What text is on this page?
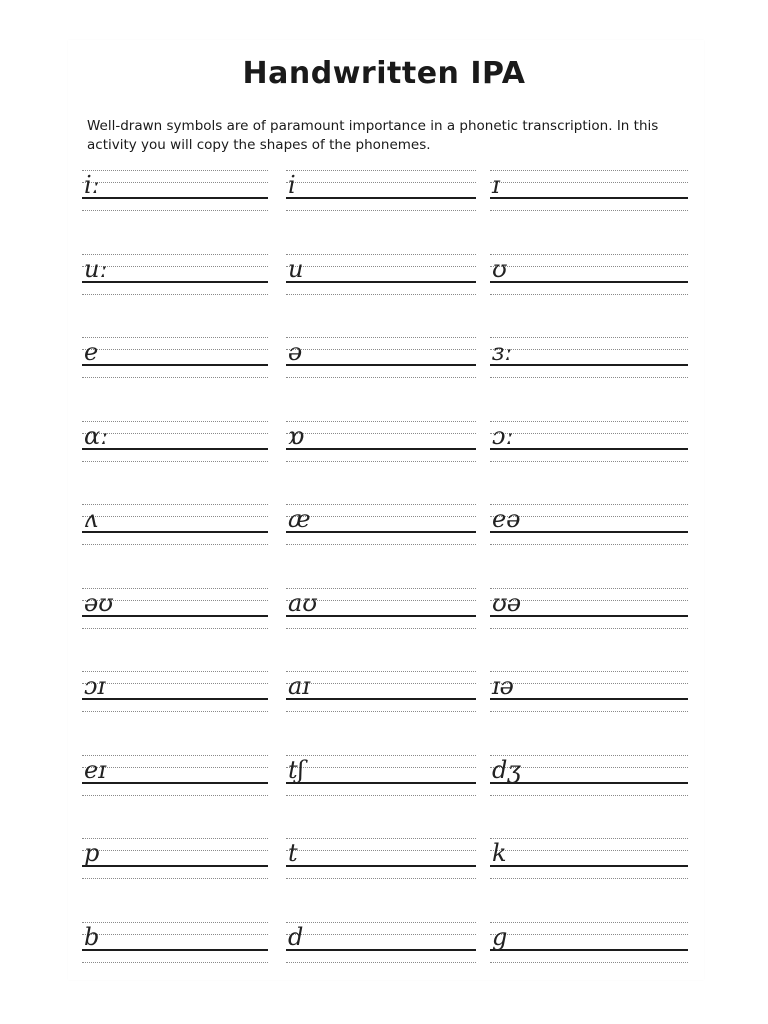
Handwritten IPA
Well-drawn symbols are of paramount importance in a phonetic transcription. In this activity you will copy the shapes of the phonemes.
iː	i	ɪ
uː	u	ʊ
e	ə	ɜː
ɑː	ɒ	ɔː
ʌ	æ	eə
əʊ	aʊ	ʊə
ɔɪ	aɪ	ɪə
eɪ	tʃ	dʒ
p	t	k
b	d	g
